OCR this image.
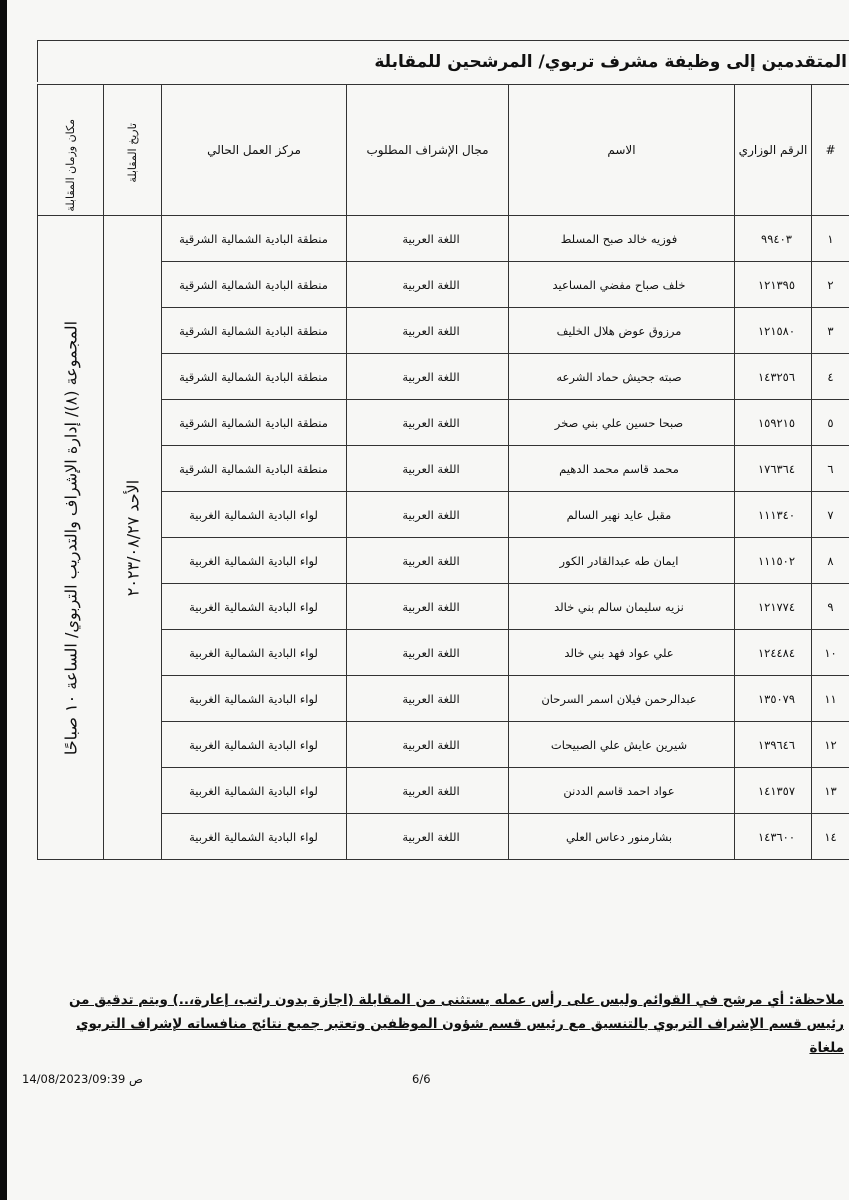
المتقدمين إلى وظيفة مشرف تربوي/ المرشحين للمقابلة
#	الرقم الوزاري	الاسم	مجال الإشراف المطلوب	مركز العمل الحالي	تاريخ المقابلة	مكان وزمان المقابلة

١	٩٩٤٠٣	فوزيه خالد صبح المسلط	اللغة العربية	منطقة البادية الشمالية الشرقية	الأحد ٢٠٢٣/٠٨/٢٧	المجموعة (٨)/ إدارة الإشراف والتدريب التربوي/ الساعة ١٠ صباحًا

٢	١٢١٣٩٥	خلف صباح مفضي المساعيد	اللغة العربية	منطقة البادية الشمالية الشرقية		
٣	١٢١٥٨٠	مرزوق عوض هلال الخليف	اللغة العربية	منطقة البادية الشمالية الشرقية		
٤	١٤٣٢٥٦	صبته جحيش حماد الشرعه	اللغة العربية	منطقة البادية الشمالية الشرقية		
٥	١٥٩٢١٥	صبحا حسين علي بني صخر	اللغة العربية	منطقة البادية الشمالية الشرقية		
٦	١٧٦٣٦٤	محمد قاسم محمد الدهيم	اللغة العربية	منطقة البادية الشمالية الشرقية		
٧	١١١٣٤٠	مقبل عايد نهير السالم	اللغة العربية	لواء البادية الشمالية الغربية		
٨	١١١٥٠٢	ايمان طه عبدالقادر الكور	اللغة العربية	لواء البادية الشمالية الغربية		
٩	١٢١٧٧٤	نزيه سليمان سالم بني خالد	اللغة العربية	لواء البادية الشمالية الغربية		
١٠	١٢٤٤٨٤	علي عواد فهد بني خالد	اللغة العربية	لواء البادية الشمالية الغربية		
١١	١٣٥٠٧٩	عبدالرحمن فيلان اسمر السرحان	اللغة العربية	لواء البادية الشمالية الغربية		
١٢	١٣٩٦٤٦	شيرين عايش علي الصبيحات	اللغة العربية	لواء البادية الشمالية الغربية		
١٣	١٤١٣٥٧	عواد احمد قاسم الددنن	اللغة العربية	لواء البادية الشمالية الغربية		
١٤	١٤٣٦٠٠	بشارمنور دعاس العلي	اللغة العربية	لواء البادية الشمالية الغربية		
ملاحظة: أي مرشح في القوائم وليس على رأس عمله يستثنى من المقابلة (اجازة بدون راتب، إعارة،..) ويتم تدقيق من رئيس قسم الإشراف التربوي بالتنسيق مع رئيس قسم شؤون الموظفين وتعتبر جميع نتائج منافساته لإشراف التربوي ملغاة
14/08/2023/09:39 ص	6/6
